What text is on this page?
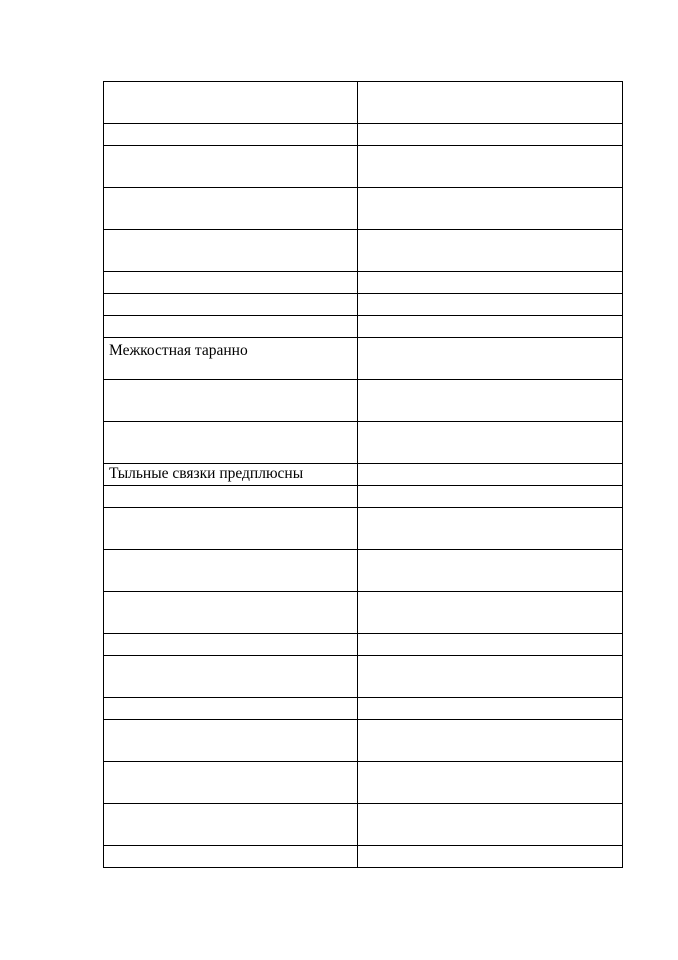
Межкостная таранно	

Тыльные связки предплюсны	
